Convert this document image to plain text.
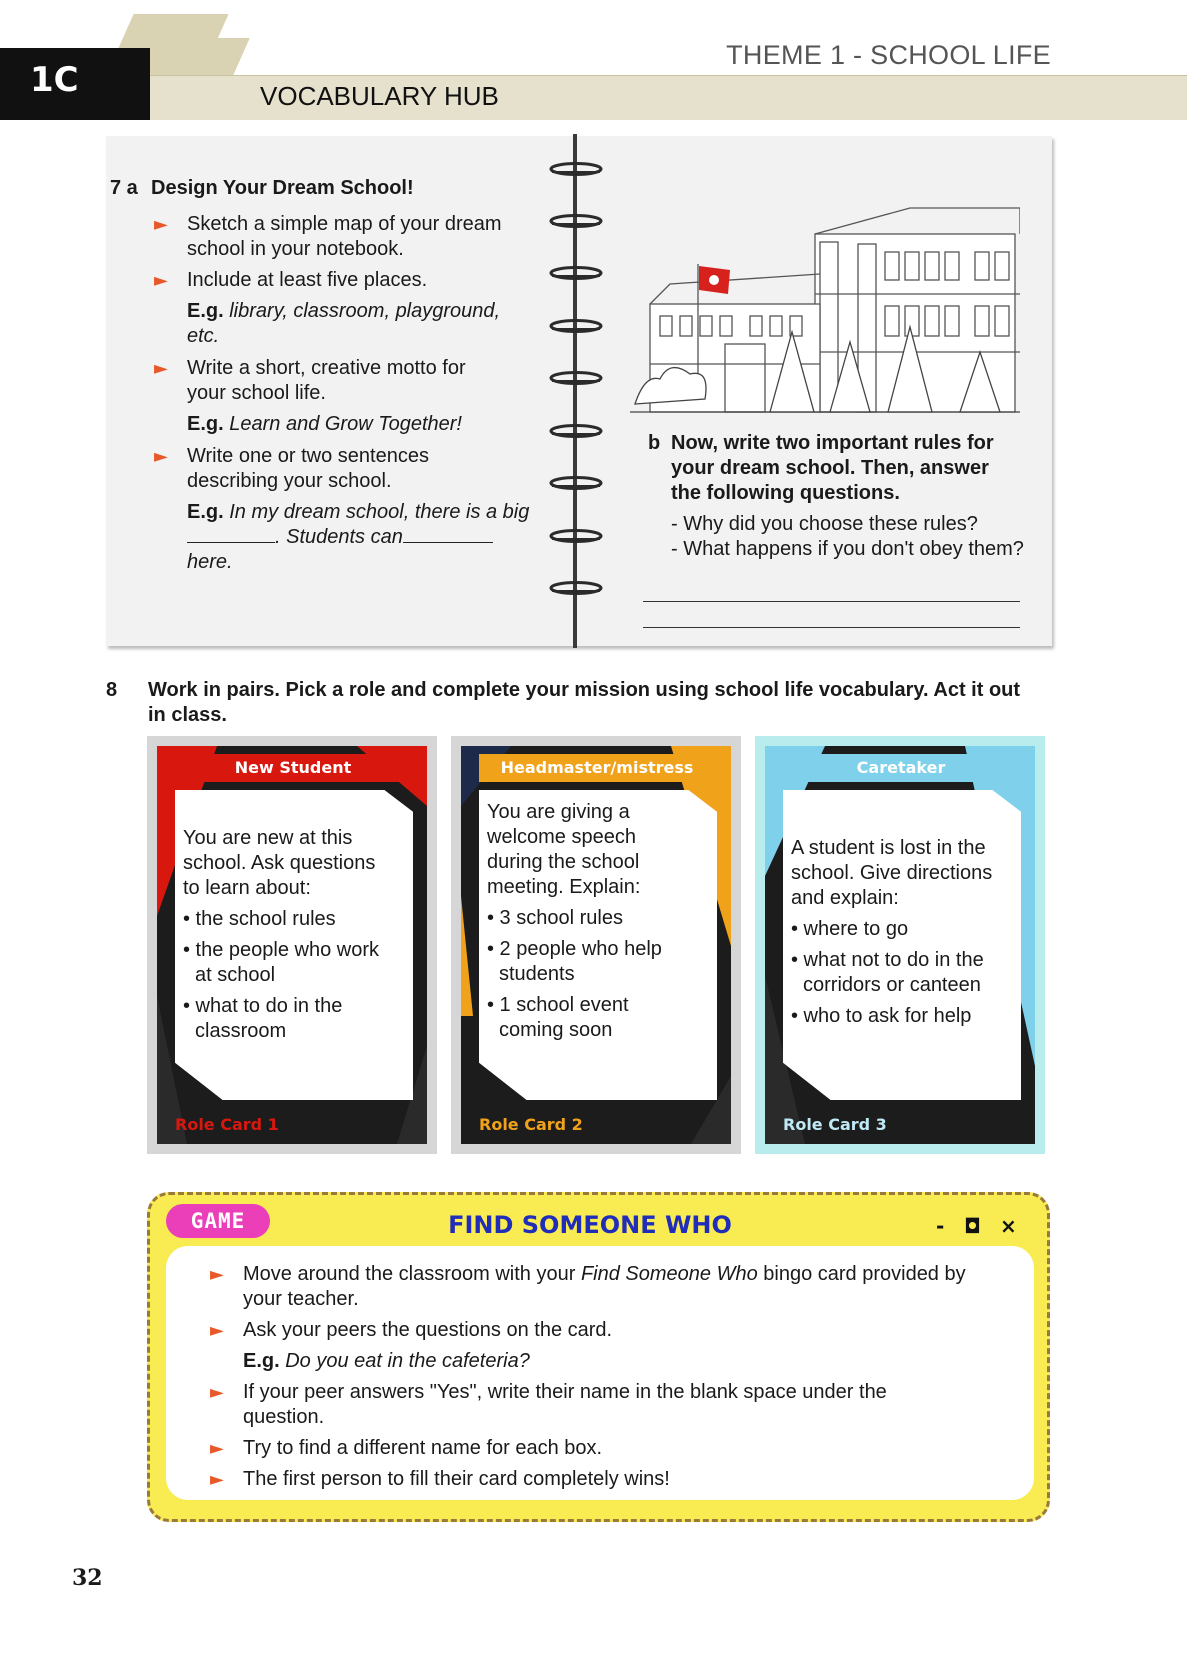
1C
THEME 1 - SCHOOL LIFE
VOCABULARY HUB
7 a Design Your Dream School!
► Sketch a simple map of your dream
school in your notebook.
► Include at least five places.
E.g. library, classroom, playground,
etc.
► Write a short, creative motto for
your school life.
E.g. Learn and Grow Together!
► Write one or two sentences
describing your school.
E.g. In my dream school, there is a big
. Students can
here.
b Now, write two important rules for
your dream school. Then, answer
the following questions.
- Why did you choose these rules?
- What happens if you don't obey them?
8 Work in pairs. Pick a role and complete your mission using school life vocabulary. Act it out
in class.
New Student
You are new at this
school. Ask questions
to learn about:
• the school rules
• the people who work
at school
• what to do in the
classroom
Role Card 1
Headmaster/mistress
You are giving a
welcome speech
during the school
meeting. Explain:
• 3 school rules
• 2 people who help
students
• 1 school event
coming soon
Role Card 2
Caretaker
A student is lost in the
school. Give directions
and explain:
• where to go
• what not to do in the
corridors or canteen
• who to ask for help
Role Card 3
GAME	FIND SOMEONE WHO	- ◘ ×
► Move around the classroom with your Find Someone Who bingo card provided by
your teacher.
► Ask your peers the questions on the card.
E.g. Do you eat in the cafeteria?
► If your peer answers "Yes", write their name in the blank space under the
question.
► Try to find a different name for each box.
► The first person to fill their card completely wins!
32
